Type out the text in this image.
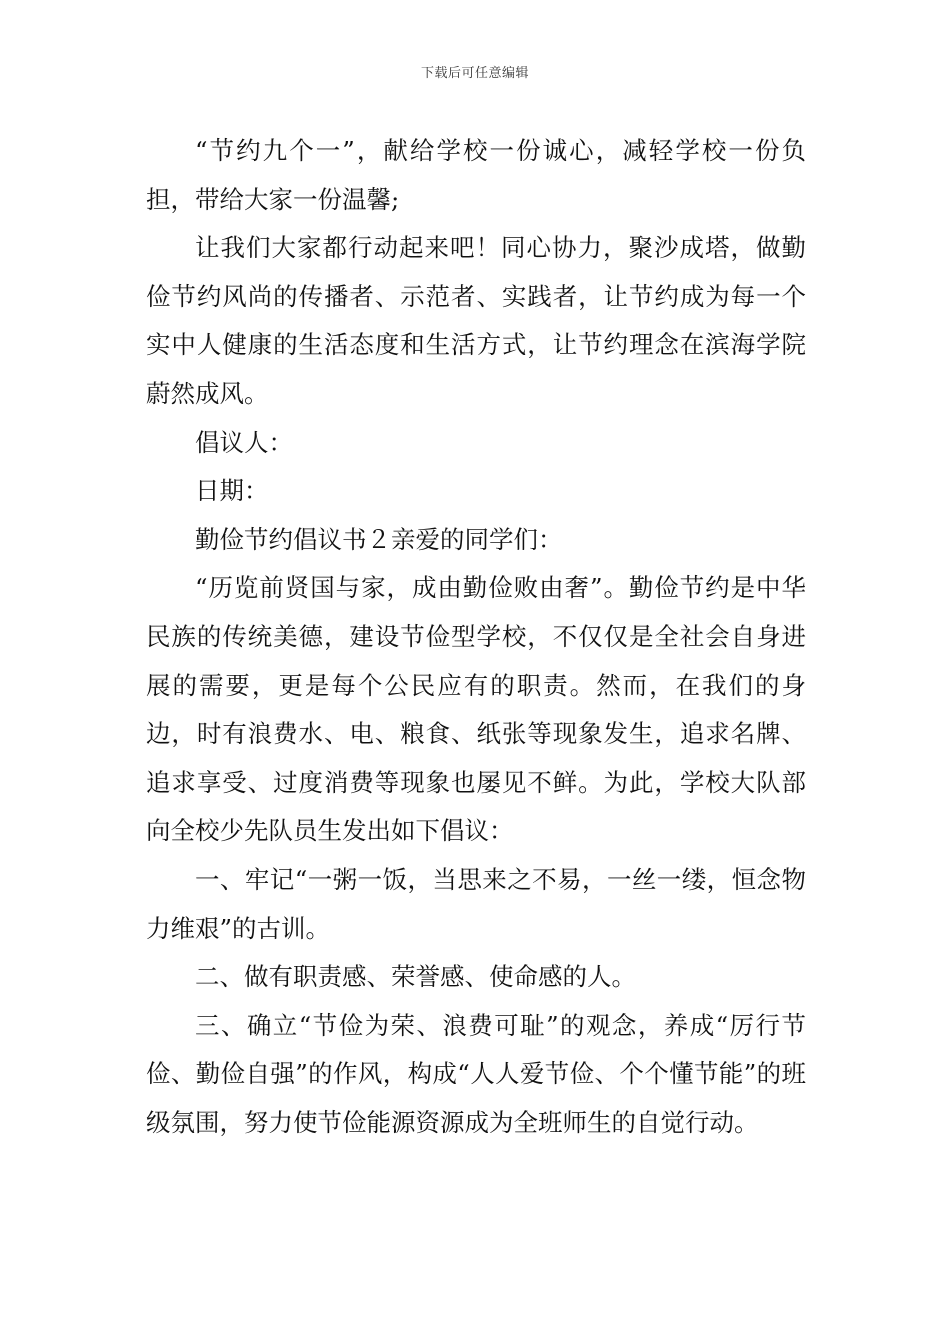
下载后可任意编辑

“节约九个一”，献给学校一份诚心，减轻学校一份负担，带给大家一份温馨;

让我们大家都行动起来吧！同心协力，聚沙成塔，做勤俭节约风尚的传播者、示范者、实践者，让节约成为每一个实中人健康的生活态度和生活方式，让节约理念在滨海学院蔚然成风。

倡议人：

日期：

勤俭节约倡议书２亲爱的同学们：

“历览前贤国与家，成由勤俭败由奢”。勤俭节约是中华民族的传统美德，建设节俭型学校，不仅仅是全社会自身进展的需要，更是每个公民应有的职责。然而，在我们的身边，时有浪费水、电、粮食、纸张等现象发生，追求名牌、追求享受、过度消费等现象也屡见不鲜。为此，学校大队部向全校少先队员生发出如下倡议：

一、牢记“一粥一饭，当思来之不易，一丝一缕，恒念物力维艰”的古训。

二、做有职责感、荣誉感、使命感的人。

三、确立“节俭为荣、浪费可耻”的观念，养成“厉行节俭、勤俭自强”的作风，构成“人人爱节俭、个个懂节能”的班级氛围，努力使节俭能源资源成为全班师生的自觉行动。
